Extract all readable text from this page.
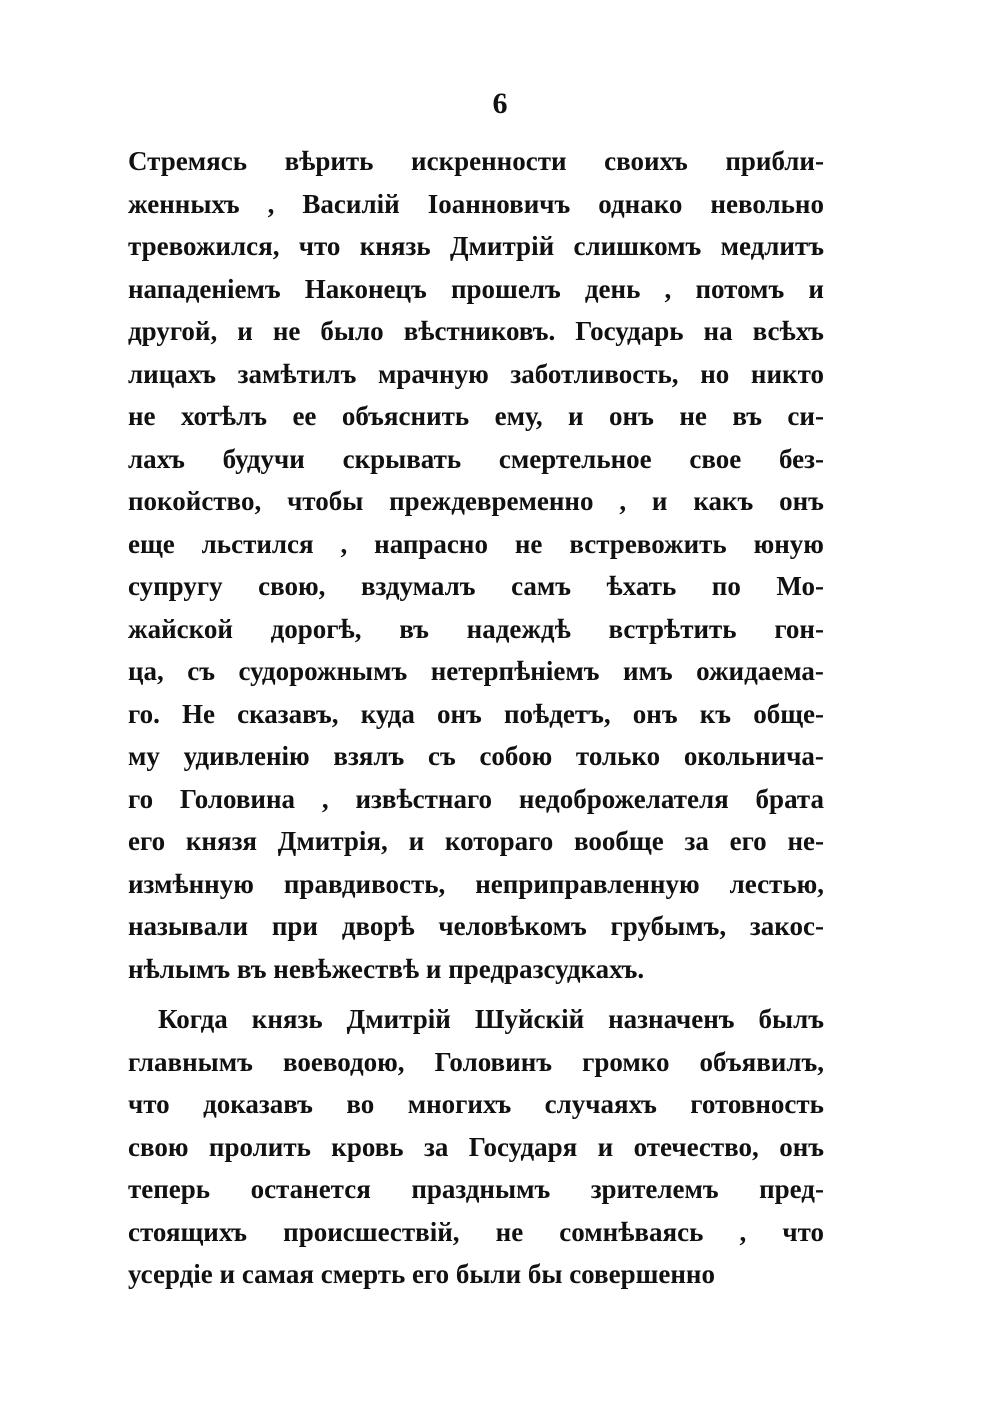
6
Стремясь вѣрить искренности своихъ прибли-
женныхъ , Василій Іоанновичъ однако невольно
тревожился, что князь Дмитрій слишкомъ медлитъ
нападеніемъ Наконецъ прошелъ день , потомъ и
другой, и не было вѣстниковъ. Государь на всѣхъ
лицахъ замѣтилъ мрачную заботливость, но никто
не хотѣлъ ее объяснить ему, и онъ не въ си-
лахъ будучи скрывать смертельное свое без-
покойство, чтобы преждевременно , и какъ онъ
еще льстился , напрасно не встревожить юную
супругу свою, вздумалъ самъ ѣхать по Мо-
жайской дорогѣ, въ надеждѣ встрѣтить гон-
ца, съ судорожнымъ нетерпѣніемъ имъ ожидаема-
го. Не сказавъ, куда онъ поѣдетъ, онъ къ обще-
му удивленію взялъ съ собою только окольнича-
го Головина , извѣстнаго недоброжелателя брата
его князя Дмитрія, и котораго вообще за его не-
измѣнную правдивость, неприправленную лестью,
называли при дворѣ человѣкомъ грубымъ, закос-
нѣлымъ въ невѣжествѣ и предразсудкахъ.
Когда князь Дмитрій Шуйскій назначенъ былъ
главнымъ воеводою, Головинъ громко объявилъ,
что доказавъ во многихъ случаяхъ готовность
свою пролить кровь за Государя и отечество, онъ
теперь останется празднымъ зрителемъ пред-
стоящихъ происшествій, не сомнѣваясь , что
усердіе и самая смерть его были бы совершенно
